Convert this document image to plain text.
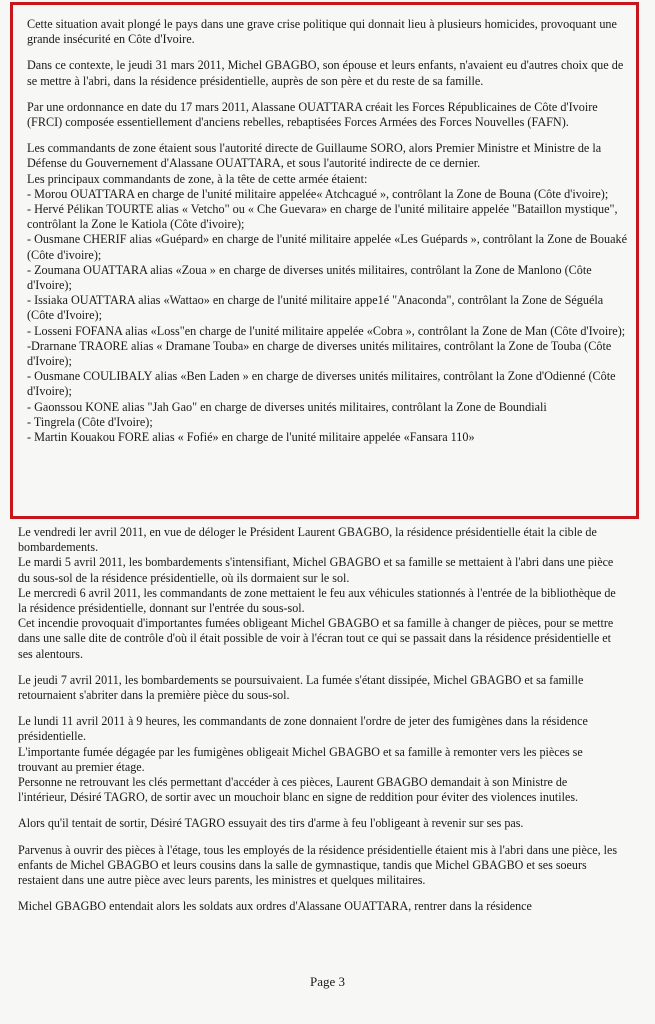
Cette situation avait plongé le pays dans une grave crise politique qui donnait lieu à plusieurs homicides, provoquant une grande insécurité en Côte d'Ivoire.

Dans ce contexte, le jeudi 31 mars 2011, Michel GBAGBO, son épouse et leurs enfants, n'avaient eu d'autres choix que de se mettre à l'abri, dans la résidence présidentielle, auprès de son père et du reste de sa famille.

Par une ordonnance en date du 17 mars 2011, Alassane OUATTARA créait les Forces Républicaines de Côte d'Ivoire (FRCI) composée essentiellement d'anciens rebelles, rebaptisées Forces Armées des Forces Nouvelles (FAFN).

Les commandants de zone étaient sous l'autorité directe de Guillaume SORO, alors Premier Ministre et Ministre de la Défense du Gouvernement d'Alassane OUATTARA, et sous l'autorité indirecte de ce dernier.

Les principaux commandants de zone, à la tête de cette armée étaient:

- Morou OUATTARA en charge de l'unité militaire appelée« Atchcagué », contrôlant la Zone de Bouna (Côte d'ivoire);

- Hervé Pélikan TOURTE alias « Vetcho" ou « Che Guevara» en charge de l'unité militaire appelée "Bataillon mystique", contrôlant la Zone le Katiola (Côte d'ivoire);

- Ousmane CHERIF alias «Guépard» en charge de l'unité militaire appelée «Les Guépards », contrôlant la Zone de Bouaké (Côte d'ivoire);

- Zoumana OUATTARA alias «Zoua » en charge de diverses unités militaires, contrôlant la Zone de Manlono (Côte d'Ivoire);

- Issiaka OUATTARA alias «Wattao» en charge de l'unité militaire appe1é "Anaconda", contrôlant la Zone de Séguéla (Côte d'Ivoire);

- Losseni FOFANA alias «Loss"en charge de l'unité militaire appelée «Cobra », contrôlant la Zone de Man (Côte d'Ivoire);

-Drarnane TRAORE alias « Dramane Touba» en charge de diverses unités militaires, contrôlant la Zone de Touba (Côte d'Ivoire);

- Ousmane COULIBALY alias «Ben Laden » en charge de diverses unités militaires, contrôlant la Zone d'Odienné (Côte d'Ivoire);

- Gaonssou KONE alias "Jah Gao" en charge de diverses unités militaires, contrôlant la Zone de Boundiali

- Tingrela (Côte d'Ivoire);

- Martin Kouakou FORE alias « Fofié» en charge de l'unité militaire appelée «Fansara 110»

Le vendredi ler avril 2011, en vue de déloger le Président Laurent GBAGBO, la résidence présidentielle était la cible de bombardements.

Le mardi 5 avril 2011, les bombardements s'intensifiant, Michel GBAGBO et sa famille se mettaient à l'abri dans une pièce du sous-sol de la résidence présidentielle, où ils dormaient sur le sol.

Le mercredi 6 avril 2011, les commandants de zone mettaient le feu aux véhicules stationnés à l'entrée de la bibliothèque de la résidence présidentielle, donnant sur l'entrée du sous-sol.

Cet incendie provoquait d'importantes fumées obligeant Michel GBAGBO et sa famille à changer de pièces, pour se mettre dans une salle dite de contrôle d'où il était possible de voir à l'écran tout ce qui se passait dans la résidence présidentielle et ses alentours.

Le jeudi 7 avril 2011, les bombardements se poursuivaient. La fumée s'étant dissipée, Michel GBAGBO et sa famille retournaient s'abriter dans la première pièce du sous-sol.

Le lundi 11 avril 2011 à 9 heures, les commandants de zone donnaient l'ordre de jeter des fumigènes dans la résidence présidentielle.

L'importante fumée dégagée par les fumigènes obligeait Michel GBAGBO et sa famille à remonter vers les pièces se trouvant au premier étage.

Personne ne retrouvant les clés permettant d'accéder à ces pièces, Laurent GBAGBO demandait à son Ministre de l'intérieur, Désiré TAGRO, de sortir avec un mouchoir blanc en signe de reddition pour éviter des violences inutiles.

Alors qu'il tentait de sortir, Désiré TAGRO essuyait des tirs d'arme à feu l'obligeant à revenir sur ses pas.

Parvenus à ouvrir des pièces à l'étage, tous les employés de la résidence présidentielle étaient mis à l'abri dans une pièce, les enfants de Michel GBAGBO et leurs cousins dans la salle de gymnastique, tandis que Michel GBAGBO et ses soeurs restaient dans une autre pièce avec leurs parents, les ministres et quelques militaires.

Michel GBAGBO entendait alors les soldats aux ordres d'Alassane OUATTARA, rentrer dans la résidence

Page 3
